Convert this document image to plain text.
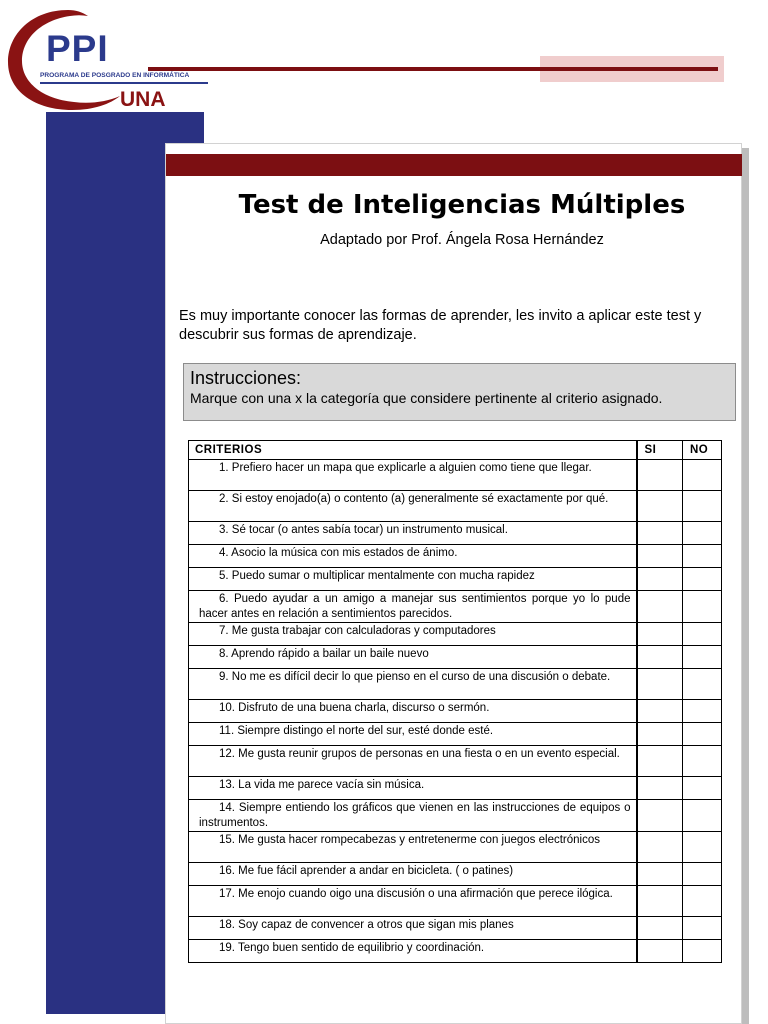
PPI
PROGRAMA DE POSGRADO EN INFORMÁTICA
UNA
Test de Inteligencias Múltiples
Adaptado por Prof. Ángela Rosa Hernández
Es muy importante conocer las formas de aprender, les invito a aplicar este test y descubrir sus formas de aprendizaje.
Instrucciones:
Marque con una x la categoría que considere pertinente al criterio asignado.
CRITERIOS	SI	NO

1. Prefiero hacer un mapa que explicarle a alguien como tiene que llegar.		

2. Si estoy enojado(a) o contento (a) generalmente sé exactamente por qué.		

3. Sé tocar (o antes sabía tocar) un instrumento musical.		

4. Asocio la música con mis estados de ánimo.		

5. Puedo sumar o multiplicar mentalmente con mucha rapidez		

6. Puedo ayudar a un amigo a manejar sus sentimientos porque yo lo pude hacer antes en relación a sentimientos parecidos.		

7. Me gusta trabajar con calculadoras y computadores		

8. Aprendo rápido a bailar un baile nuevo		

9. No me es difícil decir lo que pienso en el curso de una discusión o debate.		

10. Disfruto de una buena charla, discurso o sermón.		

11. Siempre distingo el norte del sur, esté donde esté.		

12. Me gusta reunir grupos de personas en una fiesta o en un evento especial.		

13. La vida me parece vacía sin música.		

14. Siempre entiendo los gráficos que vienen en las instrucciones de equipos o instrumentos.		

15. Me gusta hacer rompecabezas y entretenerme con juegos electrónicos		

16. Me fue fácil aprender a andar en bicicleta. ( o patines)		

17. Me enojo cuando oigo una discusión o una afirmación que perece ilógica.		

18. Soy capaz de convencer a otros que sigan mis planes		

19. Tengo buen sentido de equilibrio y coordinación.		
